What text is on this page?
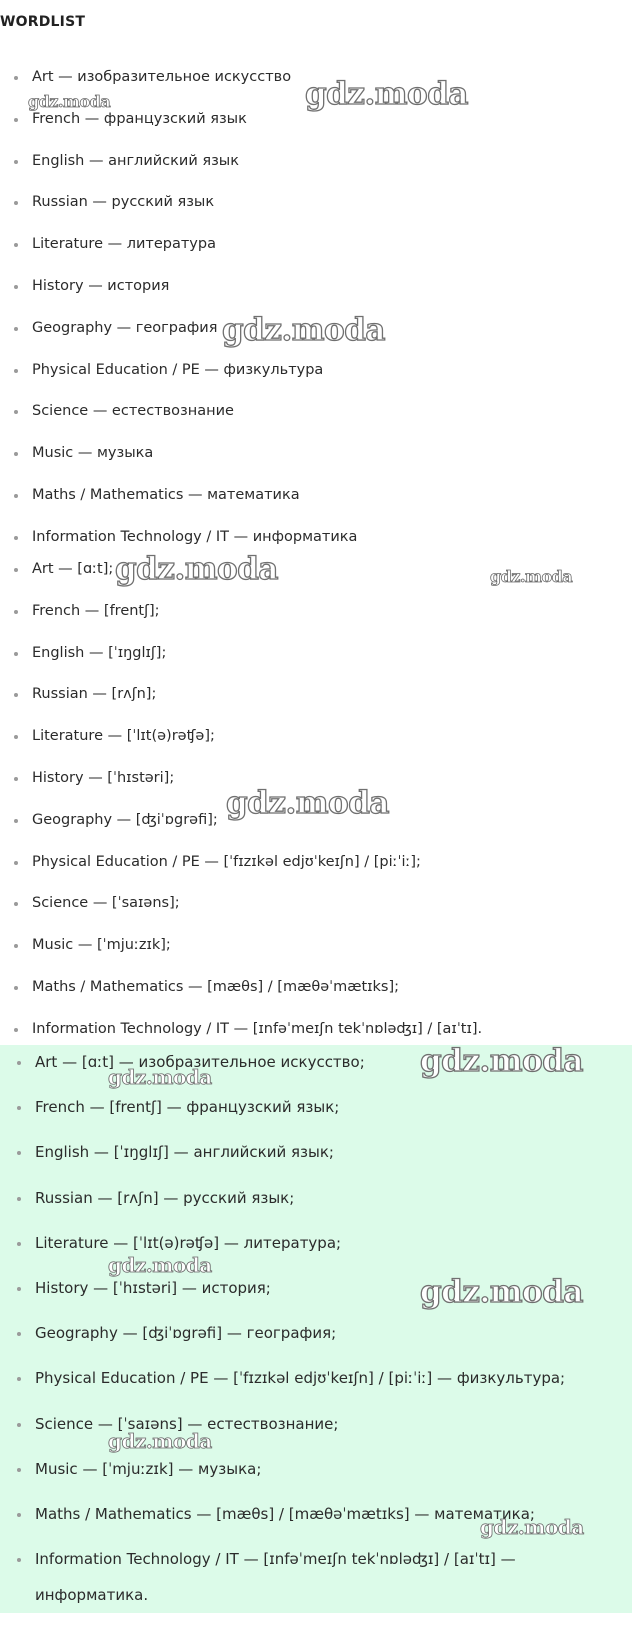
WORDLIST
Art — изобразительное искусство
French — французский язык
English — английский язык
Russian — русский язык
Literature — литература
History — история
Geography — география
Physical Education / PE — физкультура
Science — естествознание
Music — музыка
Maths / Mathematics — математика
Information Technology / IT — информатика
Art — [ɑːt];
French — [frentʃ];
English — [ˈɪŋglɪʃ];
Russian — [rʌʃn];
Literature — [ˈlɪt(ə)rəʧə];
History — [ˈhɪstəri];
Geography — [ʤiˈɒgrəfi];
Physical Education / PE — [ˈfɪzɪkəl edjʊˈkeɪʃn] / [piːˈiː];
Science — [ˈsaɪəns];
Music — [ˈmjuːzɪk];
Maths / Mathematics — [mæθs] / [mæθəˈmætɪks];
Information Technology / IT — [ɪnfəˈmeɪʃn tekˈnɒləʤɪ] / [aɪˈtɪ].
Art — [ɑːt] — изобразительное искусство;
French — [frentʃ] — французский язык;
English — [ˈɪŋglɪʃ] — английский язык;
Russian — [rʌʃn] — русский язык;
Literature — [ˈlɪt(ə)rəʧə] — литература;
History — [ˈhɪstəri] — история;
Geography — [ʤiˈɒgrəfi] — география;
Physical Education / PE — [ˈfɪzɪkəl edjʊˈkeɪʃn] / [piːˈiː] — физкультура;
Science — [ˈsaɪəns] — естествознание;
Music — [ˈmjuːzɪk] — музыка;
Maths / Mathematics — [mæθs] / [mæθəˈmætɪks] — математика;
Information Technology / IT — [ɪnfəˈmeɪʃn tekˈnɒləʤɪ] / [aɪˈtɪ] — информатика.
gdz.moda
gdz.moda
gdz.moda
gdz.moda	gdz.moda
gdz.moda
gdz.moda
gdz.moda
gdz.moda
gdz.moda
gdz.moda
gdz.moda
